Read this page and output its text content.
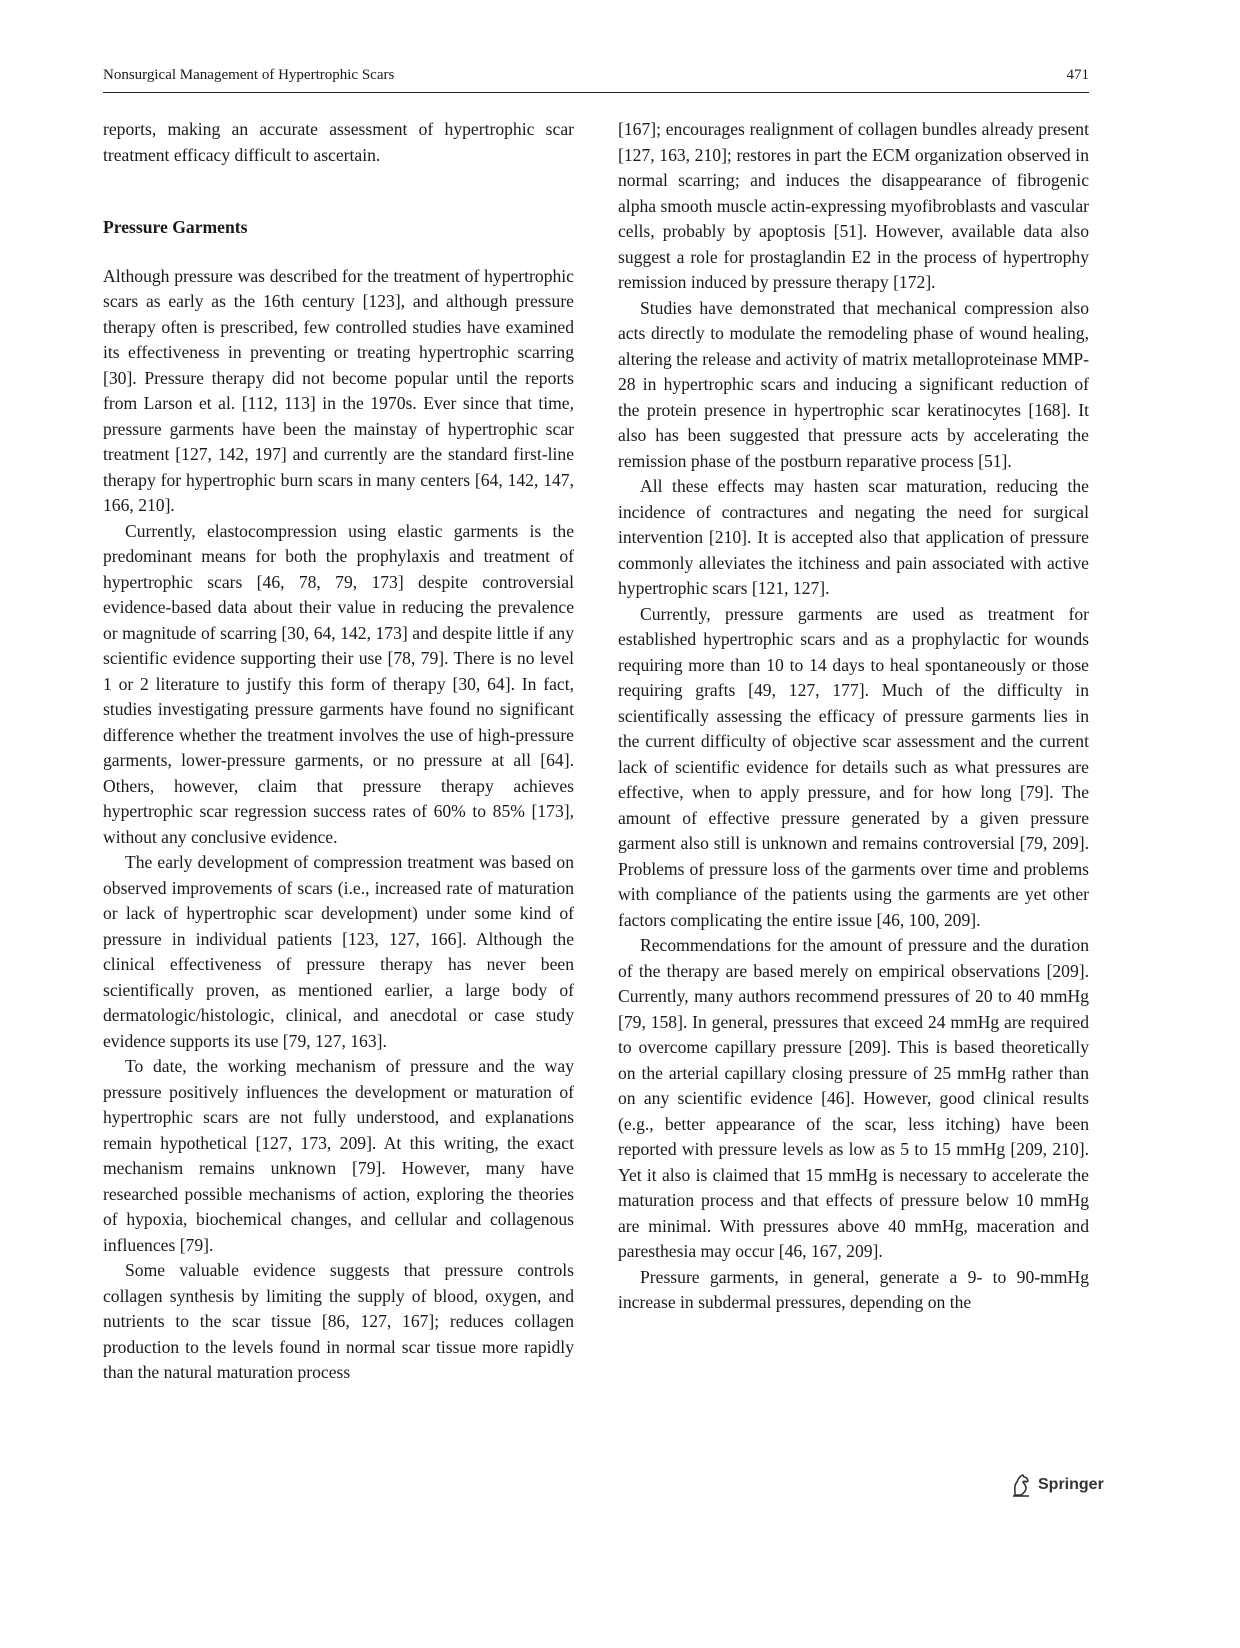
Nonsurgical Management of Hypertrophic Scars	471

reports, making an accurate assessment of hypertrophic scar treatment efficacy difficult to ascertain.

Pressure Garments

Although pressure was described for the treatment of hypertrophic scars as early as the 16th century [123], and although pressure therapy often is prescribed, few controlled studies have examined its effectiveness in preventing or treating hypertrophic scarring [30]. Pressure therapy did not become popular until the reports from Larson et al. [112, 113] in the 1970s. Ever since that time, pressure garments have been the mainstay of hypertrophic scar treatment [127, 142, 197] and currently are the standard first-line therapy for hypertrophic burn scars in many centers [64, 142, 147, 166, 210].

Currently, elastocompression using elastic garments is the predominant means for both the prophylaxis and treatment of hypertrophic scars [46, 78, 79, 173] despite controversial evidence-based data about their value in reducing the prevalence or magnitude of scarring [30, 64, 142, 173] and despite little if any scientific evidence supporting their use [78, 79]. There is no level 1 or 2 literature to justify this form of therapy [30, 64]. In fact, studies investigating pressure garments have found no significant difference whether the treatment involves the use of high-pressure garments, lower-pressure garments, or no pressure at all [64]. Others, however, claim that pressure therapy achieves hypertrophic scar regression success rates of 60% to 85% [173], without any conclusive evidence.

The early development of compression treatment was based on observed improvements of scars (i.e., increased rate of maturation or lack of hypertrophic scar development) under some kind of pressure in individual patients [123, 127, 166]. Although the clinical effectiveness of pressure therapy has never been scientifically proven, as mentioned earlier, a large body of dermatologic/histologic, clinical, and anecdotal or case study evidence supports its use [79, 127, 163].

To date, the working mechanism of pressure and the way pressure positively influences the development or maturation of hypertrophic scars are not fully understood, and explanations remain hypothetical [127, 173, 209]. At this writing, the exact mechanism remains unknown [79]. However, many have researched possible mechanisms of action, exploring the theories of hypoxia, biochemical changes, and cellular and collagenous influences [79].

Some valuable evidence suggests that pressure controls collagen synthesis by limiting the supply of blood, oxygen, and nutrients to the scar tissue [86, 127, 167]; reduces collagen production to the levels found in normal scar tissue more rapidly than the natural maturation process

[167]; encourages realignment of collagen bundles already present [127, 163, 210]; restores in part the ECM organization observed in normal scarring; and induces the disappearance of fibrogenic alpha smooth muscle actin-expressing myofibroblasts and vascular cells, probably by apoptosis [51]. However, available data also suggest a role for prostaglandin E2 in the process of hypertrophy remission induced by pressure therapy [172].

Studies have demonstrated that mechanical compression also acts directly to modulate the remodeling phase of wound healing, altering the release and activity of matrix metalloproteinase MMP-28 in hypertrophic scars and inducing a significant reduction of the protein presence in hypertrophic scar keratinocytes [168]. It also has been suggested that pressure acts by accelerating the remission phase of the postburn reparative process [51].

All these effects may hasten scar maturation, reducing the incidence of contractures and negating the need for surgical intervention [210]. It is accepted also that application of pressure commonly alleviates the itchiness and pain associated with active hypertrophic scars [121, 127].

Currently, pressure garments are used as treatment for established hypertrophic scars and as a prophylactic for wounds requiring more than 10 to 14 days to heal spontaneously or those requiring grafts [49, 127, 177]. Much of the difficulty in scientifically assessing the efficacy of pressure garments lies in the current difficulty of objective scar assessment and the current lack of scientific evidence for details such as what pressures are effective, when to apply pressure, and for how long [79]. The amount of effective pressure generated by a given pressure garment also still is unknown and remains controversial [79, 209]. Problems of pressure loss of the garments over time and problems with compliance of the patients using the garments are yet other factors complicating the entire issue [46, 100, 209].

Recommendations for the amount of pressure and the duration of the therapy are based merely on empirical observations [209]. Currently, many authors recommend pressures of 20 to 40 mmHg [79, 158]. In general, pressures that exceed 24 mmHg are required to overcome capillary pressure [209]. This is based theoretically on the arterial capillary closing pressure of 25 mmHg rather than on any scientific evidence [46]. However, good clinical results (e.g., better appearance of the scar, less itching) have been reported with pressure levels as low as 5 to 15 mmHg [209, 210]. Yet it also is claimed that 15 mmHg is necessary to accelerate the maturation process and that effects of pressure below 10 mmHg are minimal. With pressures above 40 mmHg, maceration and paresthesia may occur [46, 167, 209].

Pressure garments, in general, generate a 9- to 90-mmHg increase in subdermal pressures, depending on the

Springer
